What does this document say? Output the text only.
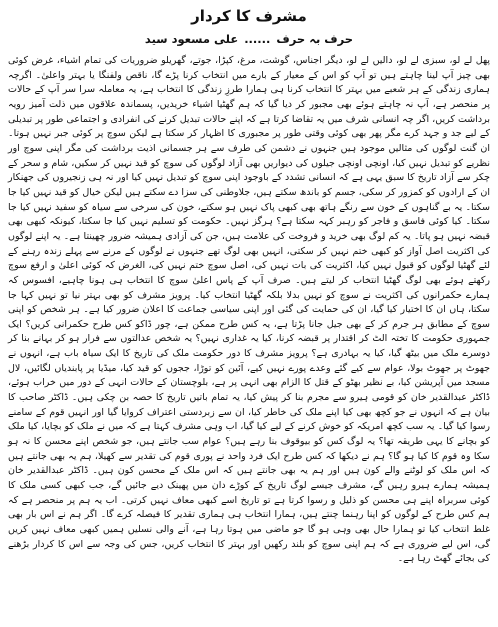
مشرف کا کردار
حرف بہ حرف......علی مسعود سید

پھل لے لو، سبزی لے لو، دالیں لے لو، دیگر اجناس، گوشت، مرغ، کپڑا، جوتے، گھریلو ضروریات کی تمام اشیاء، غرض کوئی بھی چیز آپ لینا چاہتے ہیں تو آپ کو اس کے معیار کے بارے میں انتخاب کرنا پڑے گا، ناقص ولفنگا یا بہتر واعلیٰ۔ اگرچہ ہماری زندگی کے ہر شعبے میں بہتر کا انتخاب کرنا ہی ہمارا طرزِ زندگی کا انتخاب ہے، یہ معاملہ سرا سر آپ کے حالات پر منحصر ہے، آپ نہ چاہتے ہوئے بھی مجبور کر دیا گیا کہ ہم گھٹیا اشیاء خریدیں، پسماندہ علاقوں میں ذلت آمیز رویہ برداشت کریں، اگر چہ انسانی شرف میں یہ تقاضا کرتا ہے کہ اپنے حالات تبدیل کرنے کی انفرادی و اجتماعی طور پر تبدیلی کے لیے جد و جہد کرے مگر پھر بھی کوئی وقتی طور پر مجبوری کا اظہار کر سکتا ہے لیکن سوچ پر کوئی جبر نہیں ہوتا۔ ان گنت لوگوں کی مثالیں موجود ہیں جنہوں نے دشمن کی طرف سے ہر جسمانی اذیت برداشت کی مگر اپنی سوچ اور نظریے کو تبدیل نہیں کیا، اونچی اونچی جیلوں کی دیواریں بھی آزاد لوگوں کی سوچ کو قید نہیں کر سکیں، شام و سحر کے چکر سے آزاد تاریخ کا سبق یہی ہے کہ انسانی تشدد کے باوجود اپنی سوچ کو تبدیل نہیں کیا اور نہ ہی زنجیروں کی جھنکار ان کے ارادوں کو کمزور کر سکی، جسم کو باندھ سکتے ہیں، جلاوطنی کی سزا دے سکتے ہیں لیکن خیال کو قید نہیں کیا جا سکتا۔ یہ بے گناہوں کے خون سے رنگے ہاتھ بھی کبھی پاک نہیں ہو سکتے، خون کی سرخی سے سیاہ کو سفید نہیں کیا جا سکتا۔ کیا کوئی فاسق و فاجر کو رہبر کہہ سکتا ہے؟ ہرگز نہیں۔ حکومت کو تسلیم نہیں کیا جا سکتا، کیونکہ کبھی بھی قبضہ نہیں ہو پاتا۔ یہ کم لوگ بھی خرید و فروخت کی علامت ہیں، جن کی آزادی ہمیشہ ضرور چھینتا ہے۔ یہ اپنے لوگوں کی اکثریت اصل آواز کو کبھی ختم نہیں کر سکتی، انہیں بھی لوگ تھے جنہوں نے لوگوں کے مرنے سے پہلے زندہ رہنے کے لئے گھٹیا لوگوں کو قبول نہیں کیا، اکثریت کی بات نہیں کی، اصل سوچ ختم نہیں کی، الغرض کہ کوئی اعلیٰ و ارفع سوچ رکھتے ہوئے بھی لوگ گھٹیا انتخاب کر لیتے ہیں۔ صرف آپ کے پاس اعلیٰ سوچ کا انتخاب ہی ہونا چاہیے، افسوس کہ ہمارے حکمرانوں کی اکثریت نے سوچ کو نہیں بدلا بلکہ گھٹیا انتخاب کیا۔ پرویز مشرف کو بھی بہتر نیا تو نہیں کہا جا سکتا، ہاں ان کا اختیار کیا گیا، ان کی حمایت کی گئی اور اپنی سیاسی جماعت کا اعلان ضرور کیا ہے۔ ہر شخص کو اپنی سوچ کے مطابق ہر جرم کر کے بھی جیل جانا پڑتا ہے، یہ کس طرح ممکن ہے، چور ڈاکو کس طرح حکمرانی کریں؟ ایک جمہوری حکومت کا تختہ الٹ کر اقتدار پر قبضہ کرنا، کیا یہ غداری نہیں؟ یہ شخص عدالتوں سے فرار ہو کر بہانے بنا کر دوسرے ملک میں بیٹھ گیا، کیا یہ بہادری ہے؟ پرویز مشرف کا دور حکومت ملک کی تاریخ کا ایک سیاہ باب ہے، انہوں نے جھوٹ پر جھوٹ بولا، عوام سے کیے گئے وعدے پورے نہیں کیے، آئین کو توڑا، ججوں کو قید کیا، میڈیا پر پابندیاں لگائیں، لال مسجد میں آپریشن کیا، بے نظیر بھٹو کے قتل کا الزام بھی انہی پر ہے، بلوچستان کے حالات انہی کے دور میں خراب ہوئے، ڈاکٹر عبدالقدیر خان کو قومی ہیرو سے مجرم بنا کر پیش کیا، یہ تمام باتیں تاریخ کا حصہ بن چکی ہیں۔ ڈاکٹر صاحب کا بیان ہے کہ انہوں نے جو کچھ بھی کیا اپنے ملک کی خاطر کیا، ان سے زبردستی اعتراف کروایا گیا اور انہیں قوم کے سامنے رسوا کیا گیا۔ یہ سب کچھ امریکہ کو خوش کرنے کے لیے کیا گیا، اب وہی مشرف کہتا ہے کہ میں نے ملک کو بچایا، کیا ملک کو بچانے کا یہی طریقہ تھا؟ یہ لوگ کس کو بیوقوف بنا رہے ہیں؟ عوام سب جانتے ہیں، جو شخص اپنے محسن کا نہ ہو سکا وہ قوم کا کیا ہو گا؟ ہم نے دیکھا کہ کس طرح ایک فرد واحد نے پوری قوم کی تقدیر سے کھیلا، ہم یہ بھی جانتے ہیں کہ اس ملک کو لوٹنے والے کون ہیں اور ہم یہ بھی جانتے ہیں کہ اس ملک کے محسن کون ہیں۔ ڈاکٹر عبدالقدیر خان ہمیشہ ہمارے ہیرو رہیں گے، مشرف جیسے لوگ تاریخ کے کوڑے دان میں پھینک دیے جائیں گے، جب کبھی کسی ملک کا کوئی سربراہ اپنے ہی محسن کو ذلیل و رسوا کرتا ہے تو تاریخ اسے کبھی معاف نہیں کرتی۔ اب یہ ہم پر منحصر ہے کہ ہم کس طرح کے لوگوں کو اپنا رہنما چنتے ہیں، ہمارا انتخاب ہی ہماری تقدیر کا فیصلہ کرے گا۔ اگر ہم نے اس بار بھی غلط انتخاب کیا تو ہمارا حال بھی وہی ہو گا جو ماضی میں ہوتا رہا ہے، آنے والی نسلیں ہمیں کبھی معاف نہیں کریں گی، اس لیے ضروری ہے کہ ہم اپنی سوچ کو بلند رکھیں اور بہتر کا انتخاب کریں، جس کی وجہ سے اس کا کردار بڑھنے کی بجائے گھٹ رہا ہے۔
